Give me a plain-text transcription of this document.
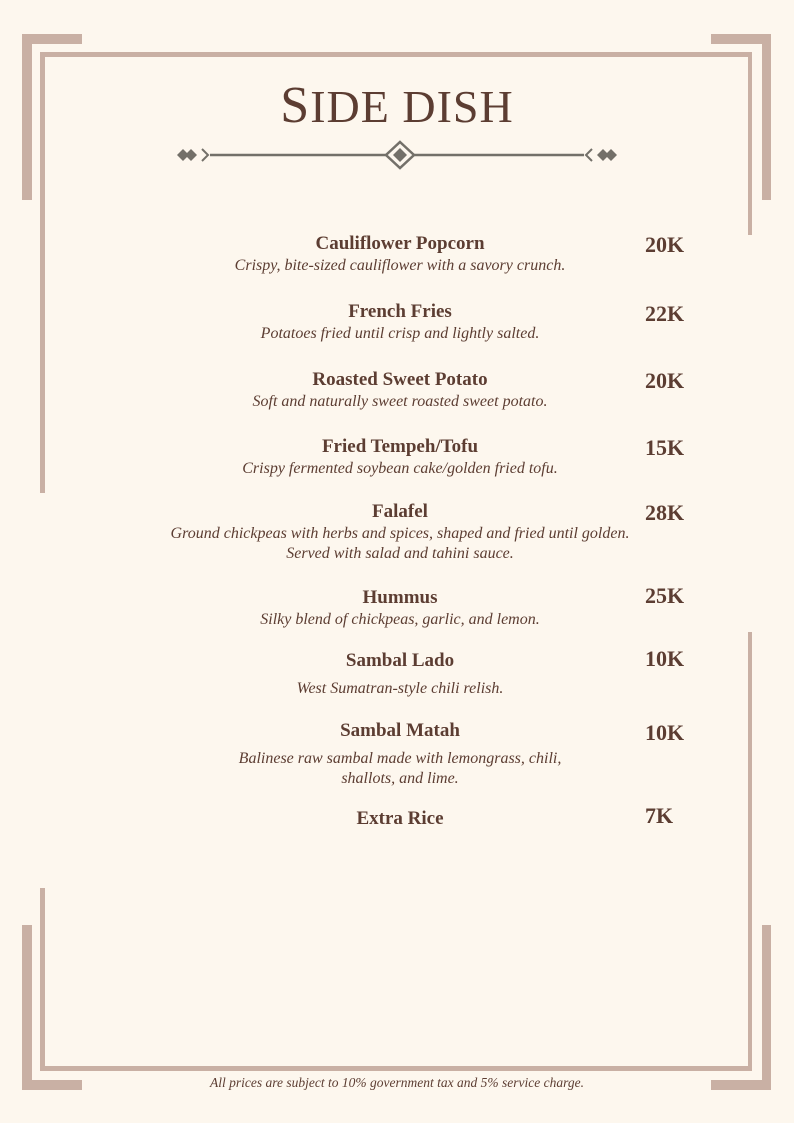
SIDE DISH
Cauliflower Popcorn
Crispy, bite-sized cauliflower with a savory crunch.
20K
French Fries
Potatoes fried until crisp and lightly salted.
22K
Roasted Sweet Potato
Soft and naturally sweet roasted sweet potato.
20K
Fried Tempeh/Tofu
Crispy fermented soybean cake/golden fried tofu.
15K
Falafel
Ground chickpeas with herbs and spices, shaped and fried until golden. Served with salad and tahini sauce.
28K
Hummus
Silky blend of chickpeas, garlic, and lemon.
25K
Sambal Lado
West Sumatran-style chili relish.
10K
Sambal Matah
Balinese raw sambal made with lemongrass, chili, shallots, and lime.
10K
Extra Rice	7K
All prices are subject to 10% government tax and 5% service charge.
